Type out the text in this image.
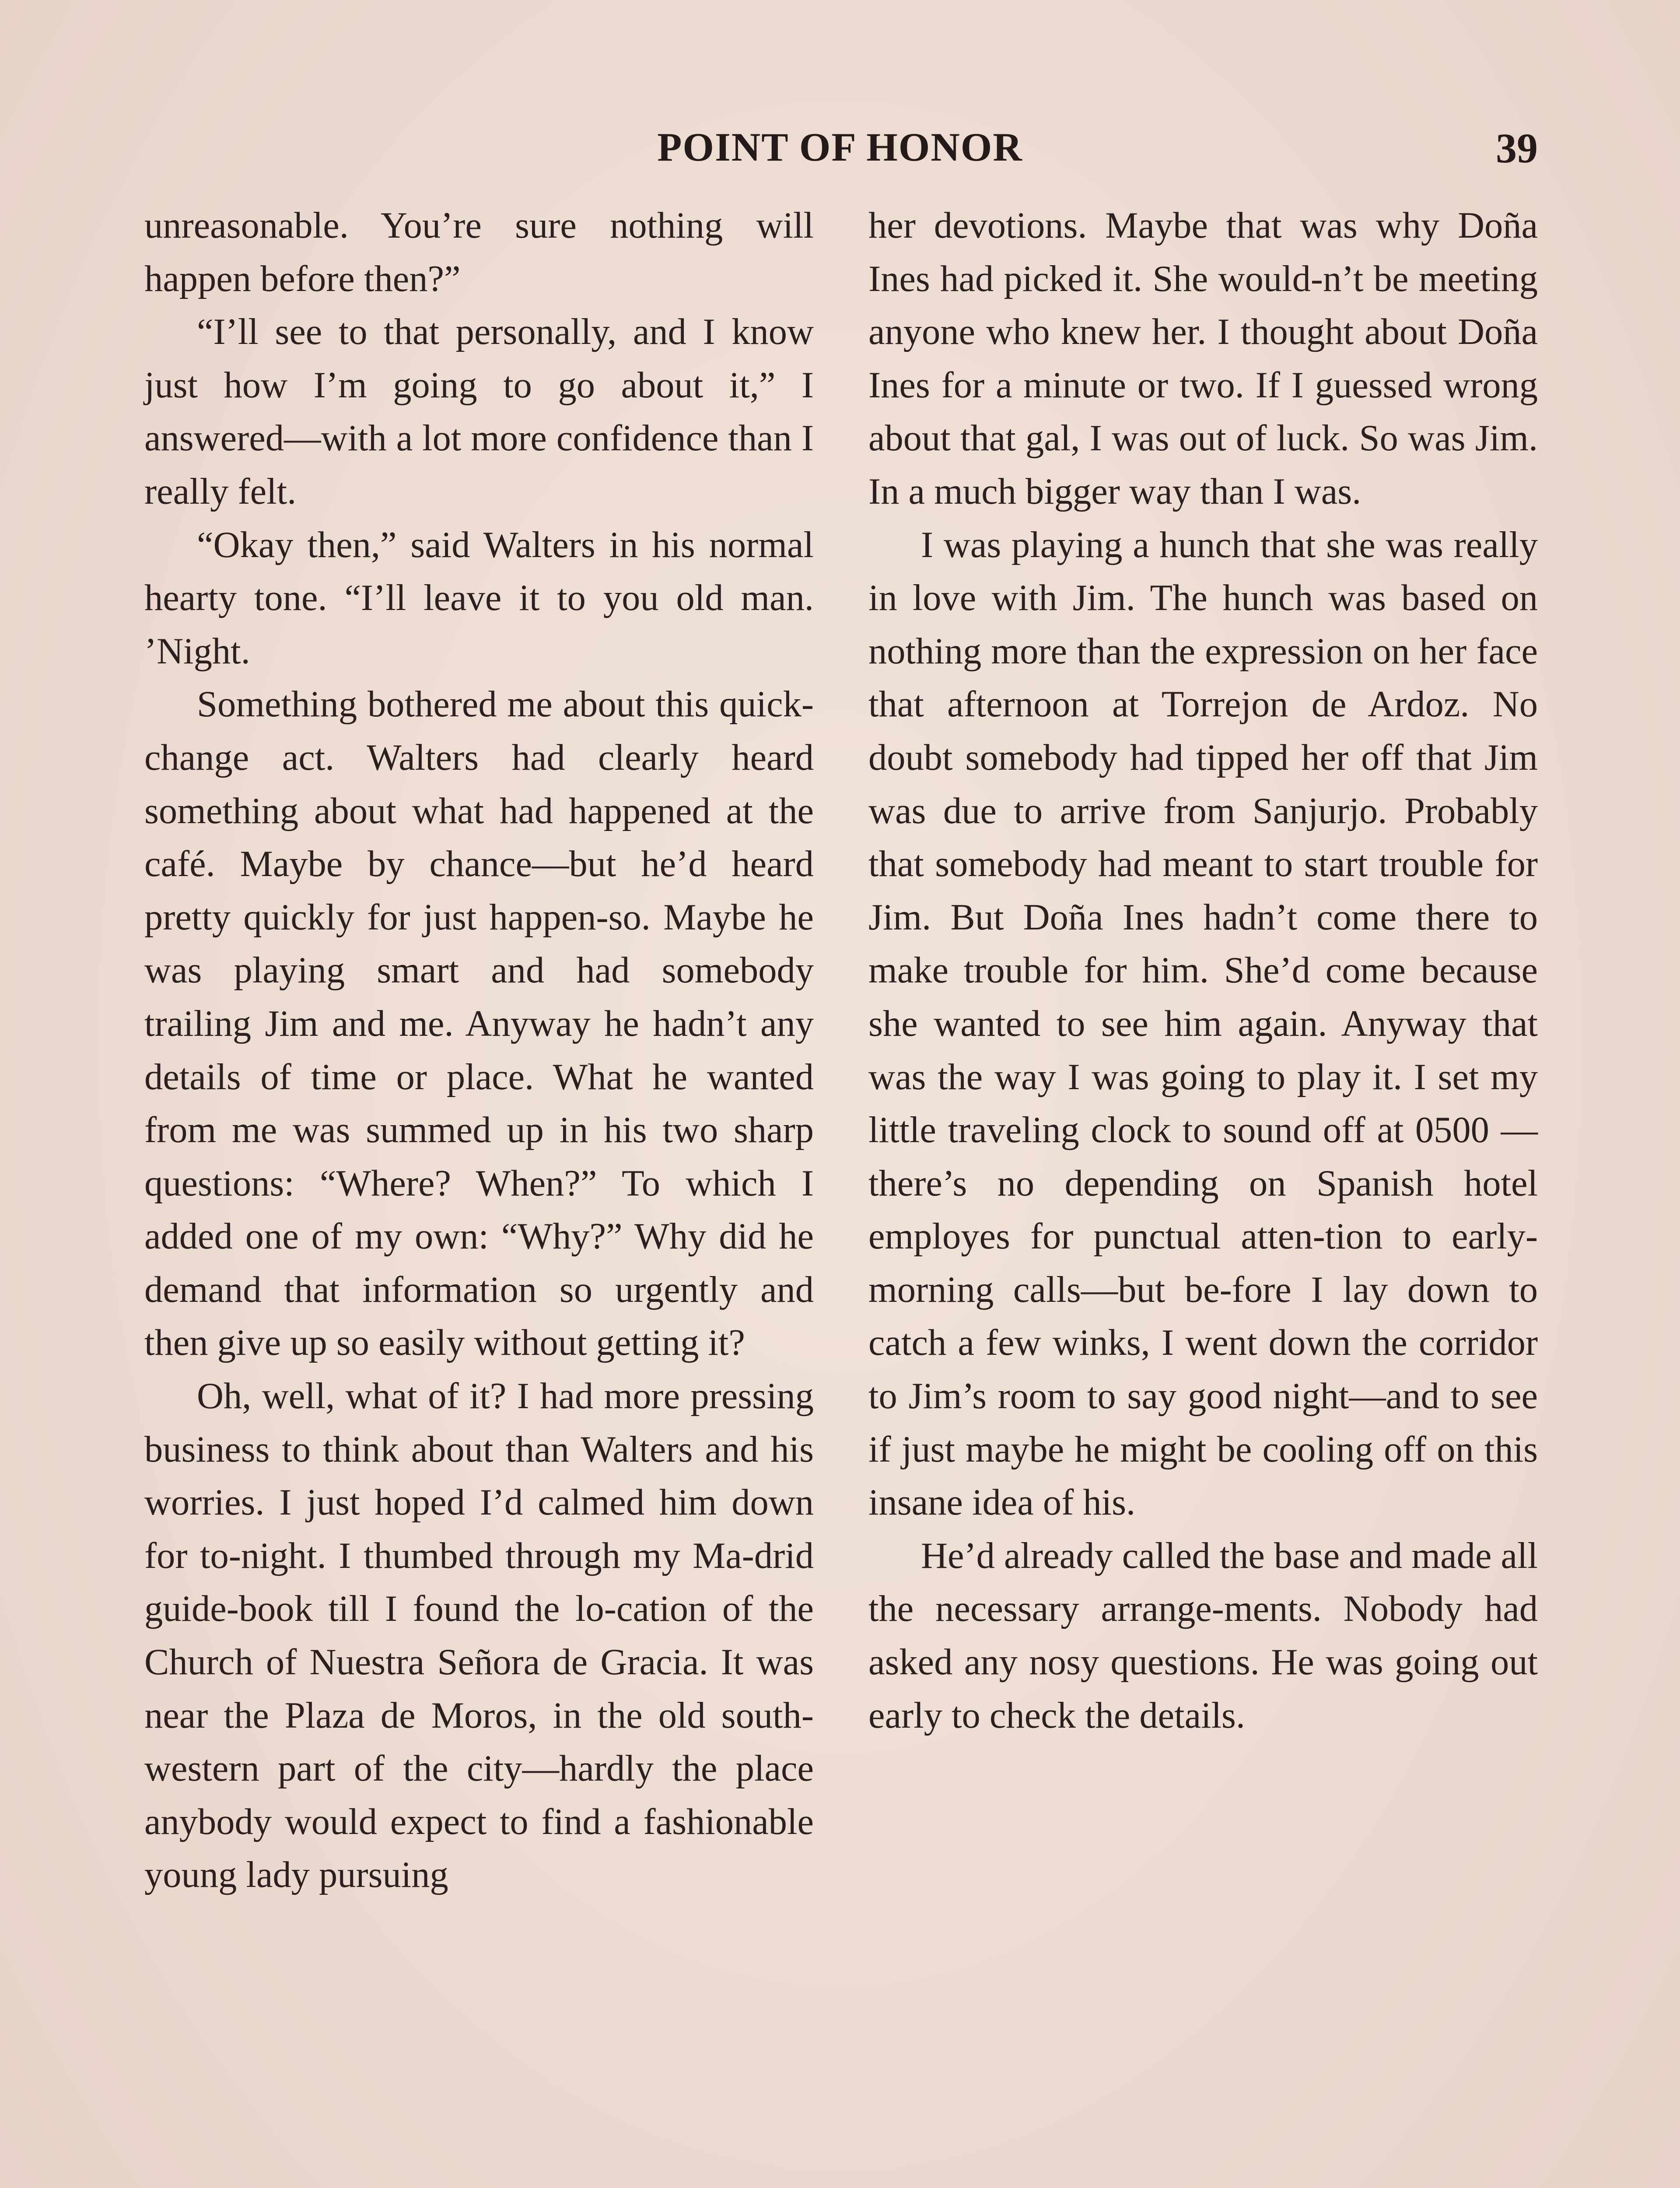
POINT OF HONOR	39

unreasonable. You’re sure nothing will happen before then?”

“I’ll see to that personally, and I know just how I’m going to go about it,” I answered—with a lot more confidence than I really felt.

“Okay then,” said Walters in his normal hearty tone. “I’ll leave it to you old man. ’Night.

Something bothered me about this quick-change act. Walters had clearly heard something about what had happened at the café. Maybe by chance—but he’d heard pretty quickly for just happen-so. Maybe he was playing smart and had somebody trailing Jim and me. Anyway he hadn’t any details of time or place. What he wanted from me was summed up in his two sharp questions: “Where? When?” To which I added one of my own: “Why?” Why did he demand that information so urgently and then give up so easily without getting it?

Oh, well, what of it? I had more pressing business to think about than Walters and his worries. I just hoped I’d calmed him down for to-night. I thumbed through my Ma-drid guide-book till I found the lo-cation of the Church of Nuestra Señora de Gracia. It was near the Plaza de Moros, in the old south-western part of the city—hardly the place anybody would expect to find a fashionable young lady pursuing

her devotions. Maybe that was why Doña Ines had picked it. She would-n’t be meeting anyone who knew her. I thought about Doña Ines for a minute or two. If I guessed wrong about that gal, I was out of luck. So was Jim. In a much bigger way than I was.

I was playing a hunch that she was really in love with Jim. The hunch was based on nothing more than the expression on her face that afternoon at Torrejon de Ardoz. No doubt somebody had tipped her off that Jim was due to arrive from Sanjurjo. Probably that somebody had meant to start trouble for Jim. But Doña Ines hadn’t come there to make trouble for him. She’d come because she wanted to see him again. Anyway that was the way I was going to play it. I set my little traveling clock to sound off at 0500 —there’s no depending on Spanish hotel employes for punctual atten-tion to early-morning calls—but be-fore I lay down to catch a few winks, I went down the corridor to Jim’s room to say good night—and to see if just maybe he might be cooling off on this insane idea of his.

He’d already called the base and made all the necessary arrange-ments. Nobody had asked any nosy questions. He was going out early to check the details.
